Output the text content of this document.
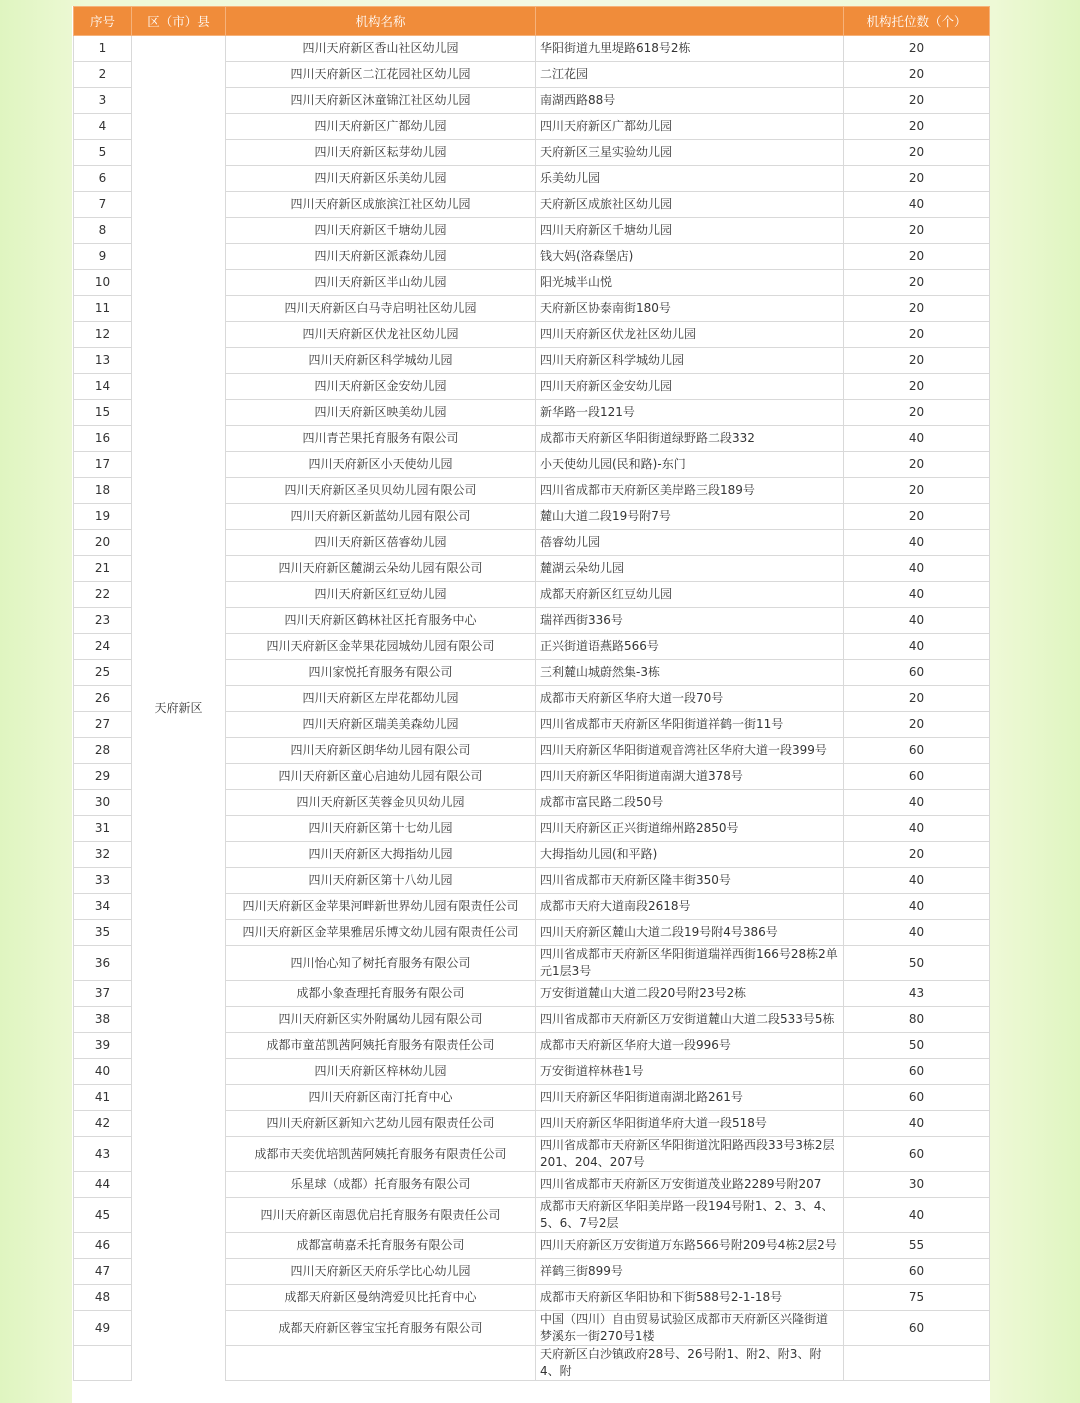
序号	区（市）县	机构名称		机构托位数（个）
1	天府新区	四川天府新区香山社区幼儿园	华阳街道九里堤路618号2栋	20
2		四川天府新区二江花园社区幼儿园	二江花园	20
3		四川天府新区沐童锦江社区幼儿园	南湖西路88号	20
4		四川天府新区广都幼儿园	四川天府新区广都幼儿园	20
5		四川天府新区耘芽幼儿园	天府新区三星实验幼儿园	20
6		四川天府新区乐美幼儿园	乐美幼儿园	20
7		四川天府新区成旅滨江社区幼儿园	天府新区成旅社区幼儿园	40
8		四川天府新区千塘幼儿园	四川天府新区千塘幼儿园	20
9		四川天府新区派森幼儿园	钱大妈(洛森堡店)	20
10		四川天府新区半山幼儿园	阳光城半山悦	20
11		四川天府新区白马寺启明社区幼儿园	天府新区协泰南街180号	20
12		四川天府新区伏龙社区幼儿园	四川天府新区伏龙社区幼儿园	20
13		四川天府新区科学城幼儿园	四川天府新区科学城幼儿园	20
14		四川天府新区金安幼儿园	四川天府新区金安幼儿园	20
15		四川天府新区映美幼儿园	新华路一段121号	20
16		四川青芒果托育服务有限公司	成都市天府新区华阳街道绿野路二段332	40
17		四川天府新区小天使幼儿园	小天使幼儿园(民和路)-东门	20
18		四川天府新区圣贝贝幼儿园有限公司	四川省成都市天府新区美岸路三段189号	20
19		四川天府新区新蓝幼儿园有限公司	麓山大道二段19号附7号	20
20		四川天府新区蓓睿幼儿园	蓓睿幼儿园	40
21		四川天府新区麓湖云朵幼儿园有限公司	麓湖云朵幼儿园	40
22		四川天府新区红豆幼儿园	成都天府新区红豆幼儿园	40
23		四川天府新区鹤林社区托育服务中心	瑞祥西街336号	40
24		四川天府新区金苹果花园城幼儿园有限公司	正兴街道语燕路566号	40
25		四川家悦托育服务有限公司	三利麓山城蔚然集-3栋	60
26		四川天府新区左岸花都幼儿园	成都市天府新区华府大道一段70号	20
27		四川天府新区瑞美美森幼儿园	四川省成都市天府新区华阳街道祥鹤一街11号	20
28		四川天府新区朗华幼儿园有限公司	四川天府新区华阳街道观音湾社区华府大道一段399号	60
29		四川天府新区童心启迪幼儿园有限公司	四川天府新区华阳街道南湖大道378号	60
30		四川天府新区芙蓉金贝贝幼儿园	成都市富民路二段50号	40
31		四川天府新区第十七幼儿园	四川天府新区正兴街道绵州路2850号	40
32		四川天府新区大拇指幼儿园	大拇指幼儿园(和平路)	20
33		四川天府新区第十八幼儿园	四川省成都市天府新区隆丰街350号	40
34		四川天府新区金苹果河畔新世界幼儿园有限责任公司	成都市天府大道南段2618号	40
35		四川天府新区金苹果雅居乐博文幼儿园有限责任公司	四川天府新区麓山大道二段19号附4号386号	40
36		四川怡心知了树托育服务有限公司	四川省成都市天府新区华阳街道瑞祥西街166号28栋2单元1层3号	50
37		成都小象查理托育服务有限公司	万安街道麓山大道二段20号附23号2栋	43
38		四川天府新区实外附属幼儿园有限公司	四川省成都市天府新区万安街道麓山大道二段533号5栋	80
39		成都市童茁凯茜阿姨托育服务有限责任公司	成都市天府新区华府大道一段996号	50
40		四川天府新区梓林幼儿园	万安街道梓林巷1号	60
41		四川天府新区南汀托育中心	四川天府新区华阳街道南湖北路261号	60
42		四川天府新区新知六艺幼儿园有限责任公司	四川天府新区华阳街道华府大道一段518号	40
43		成都市天奕优培凯茜阿姨托育服务有限责任公司	四川省成都市天府新区华阳街道沈阳路西段33号3栋2层201、204、207号	60
44		乐星球（成都）托育服务有限公司	四川省成都市天府新区万安街道茂业路2289号附207	30
45		四川天府新区南恩优启托育服务有限责任公司	成都市天府新区华阳美岸路一段194号附1、2、3、4、5、6、7号2层	40
46		成都富萌嘉禾托育服务有限公司	四川天府新区万安街道万东路566号附209号4栋2层2号	55
47		四川天府新区天府乐学比心幼儿园	祥鹤三街899号	60
48		成都天府新区曼纳湾爱贝比托育中心	成都市天府新区华阳协和下街588号2-1-18号	75
49		成都天府新区蓉宝宝托育服务有限公司	中国（四川）自由贸易试验区成都市天府新区兴隆街道梦溪东一街270号1楼	60
			天府新区白沙镇政府28号、26号附1、附2、附3、附4、附	
